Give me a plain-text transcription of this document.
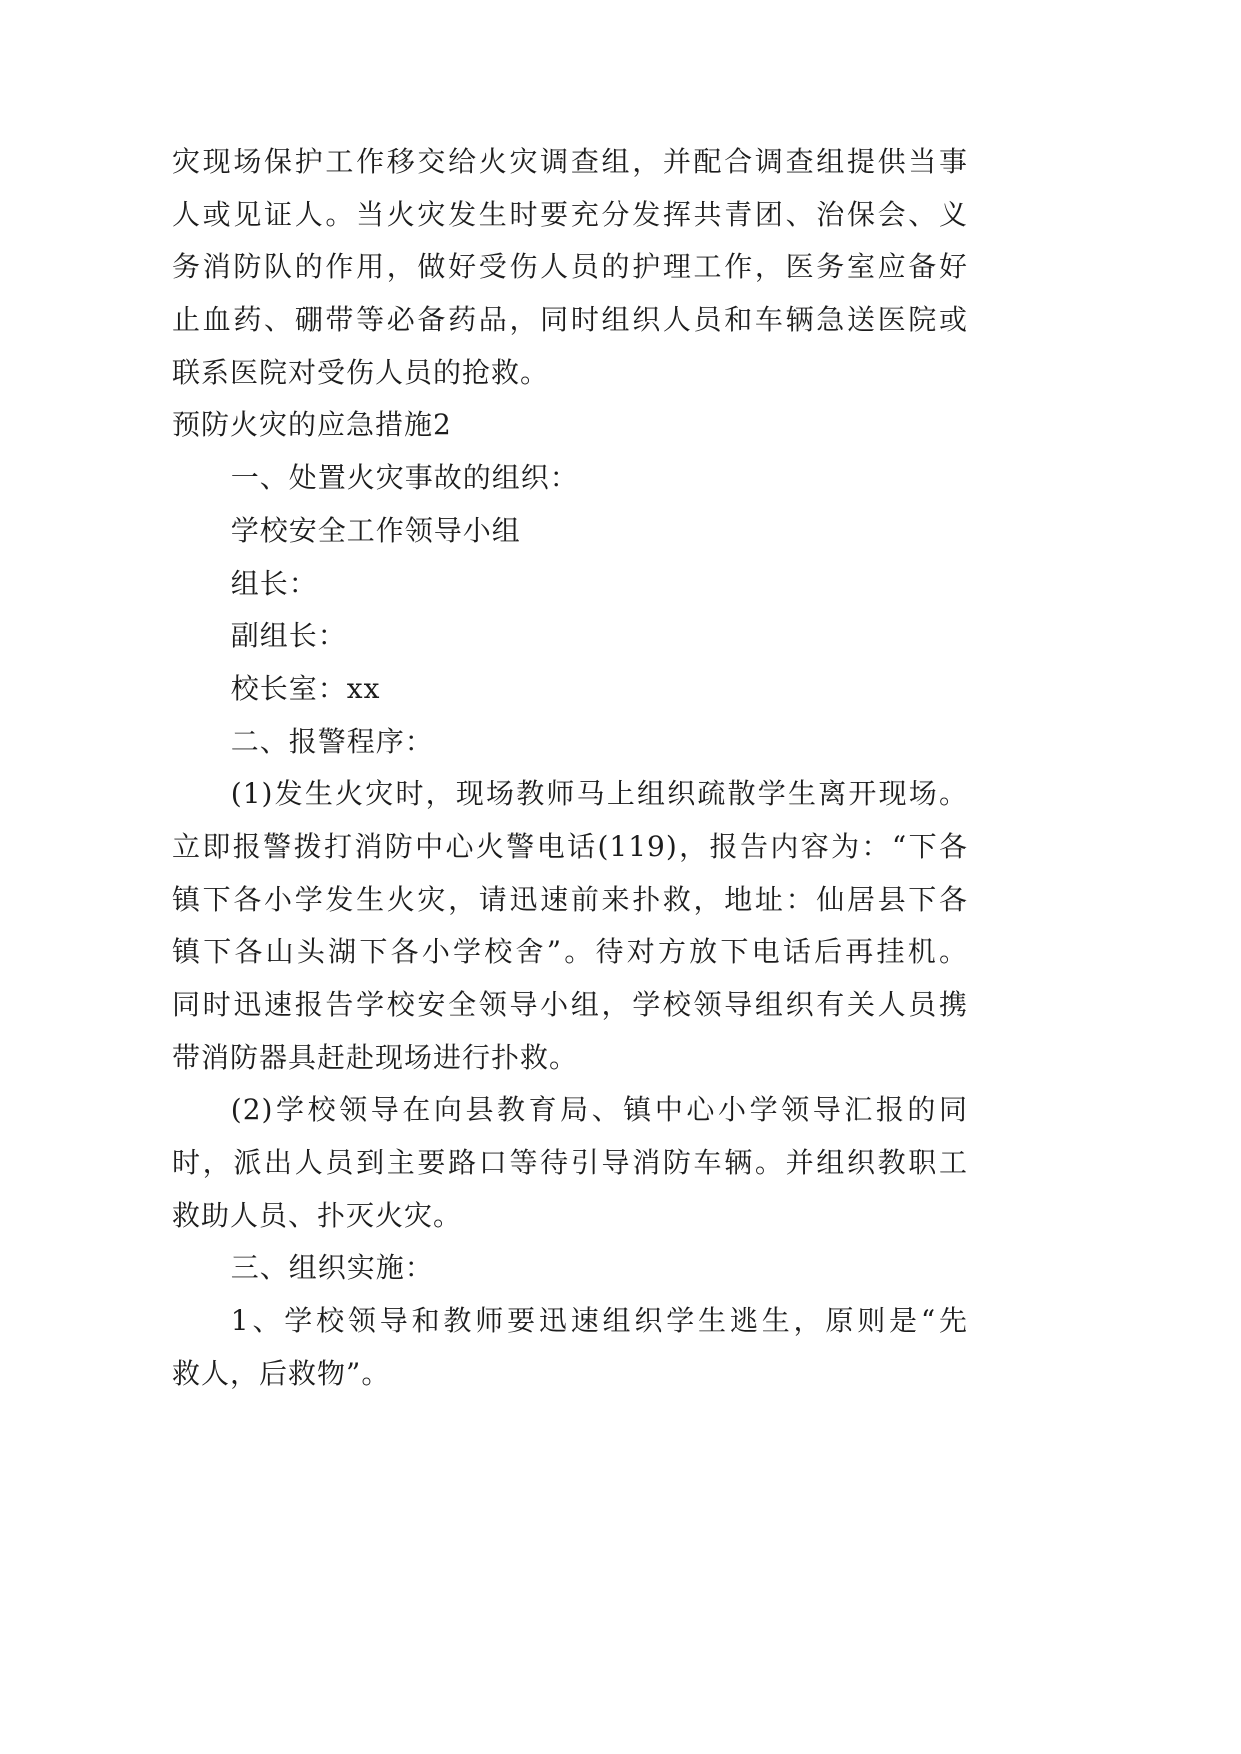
灾现场保护工作移交给火灾调查组，并配合调查组提供当事
人或见证人。当火灾发生时要充分发挥共青团、治保会、义
务消防队的作用，做好受伤人员的护理工作，医务室应备好
止血药、硼带等必备药品，同时组织人员和车辆急送医院或
联系医院对受伤人员的抢救。
预防火灾的应急措施2
一、处置火灾事故的组织：
学校安全工作领导小组
组长：
副组长：
校长室：xx
二、报警程序：
(1)发生火灾时，现场教师马上组织疏散学生离开现场。
立即报警拨打消防中心火警电话(119)，报告内容为：“下各
镇下各小学发生火灾，请迅速前来扑救，地址：仙居县下各
镇下各山头湖下各小学校舍”。待对方放下电话后再挂机。
同时迅速报告学校安全领导小组，学校领导组织有关人员携
带消防器具赶赴现场进行扑救。
(2)学校领导在向县教育局、镇中心小学领导汇报的同
时，派出人员到主要路口等待引导消防车辆。并组织教职工
救助人员、扑灭火灾。
三、组织实施：
1、学校领导和教师要迅速组织学生逃生，原则是“先
救人，后救物”。
